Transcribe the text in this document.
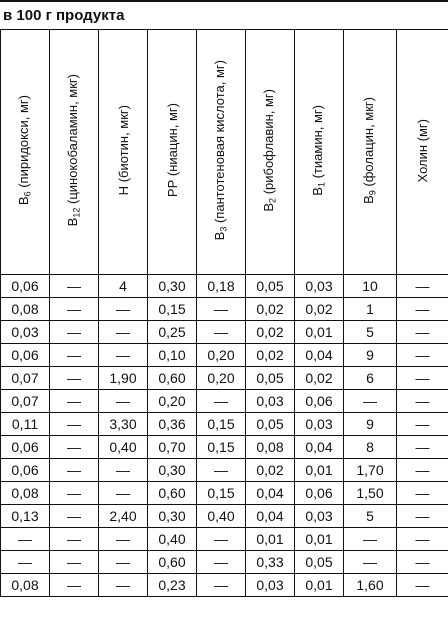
в 100 г продукта
$B_6$ (пиридокси, мг)	$B_{12}$ (цинокобаламин, мкг)	H (биотин, мкг)	PP (ниацин, мг)	$B_3$ (пантотеновая кислота, мг)	$B_2$ (рибофлавин, мг)	$B_1$ (тиамин, мг)	$B_9$ (фолацин, мкг)	Холин (мг)
0,06	—	4	0,30	0,18	0,05	0,03	10	—
0,08	—	—	0,15	—	0,02	0,02	1	—
0,03	—	—	0,25	—	0,02	0,01	5	—
0,06	—	—	0,10	0,20	0,02	0,04	9	—
0,07	—	1,90	0,60	0,20	0,05	0,02	6	—
0,07	—	—	0,20	—	0,03	0,06	—	—
0,11	—	3,30	0,36	0,15	0,05	0,03	9	—
0,06	—	0,40	0,70	0,15	0,08	0,04	8	—
0,06	—	—	0,30	—	0,02	0,01	1,70	—
0,08	—	—	0,60	0,15	0,04	0,06	1,50	—
0,13	—	2,40	0,30	0,40	0,04	0,03	5	—
—	—	—	0,40	—	0,01	0,01	—	—
—	—	—	0,60	—	0,33	0,05	—	—
0,08	—	—	0,23	—	0,03	0,01	1,60	—
